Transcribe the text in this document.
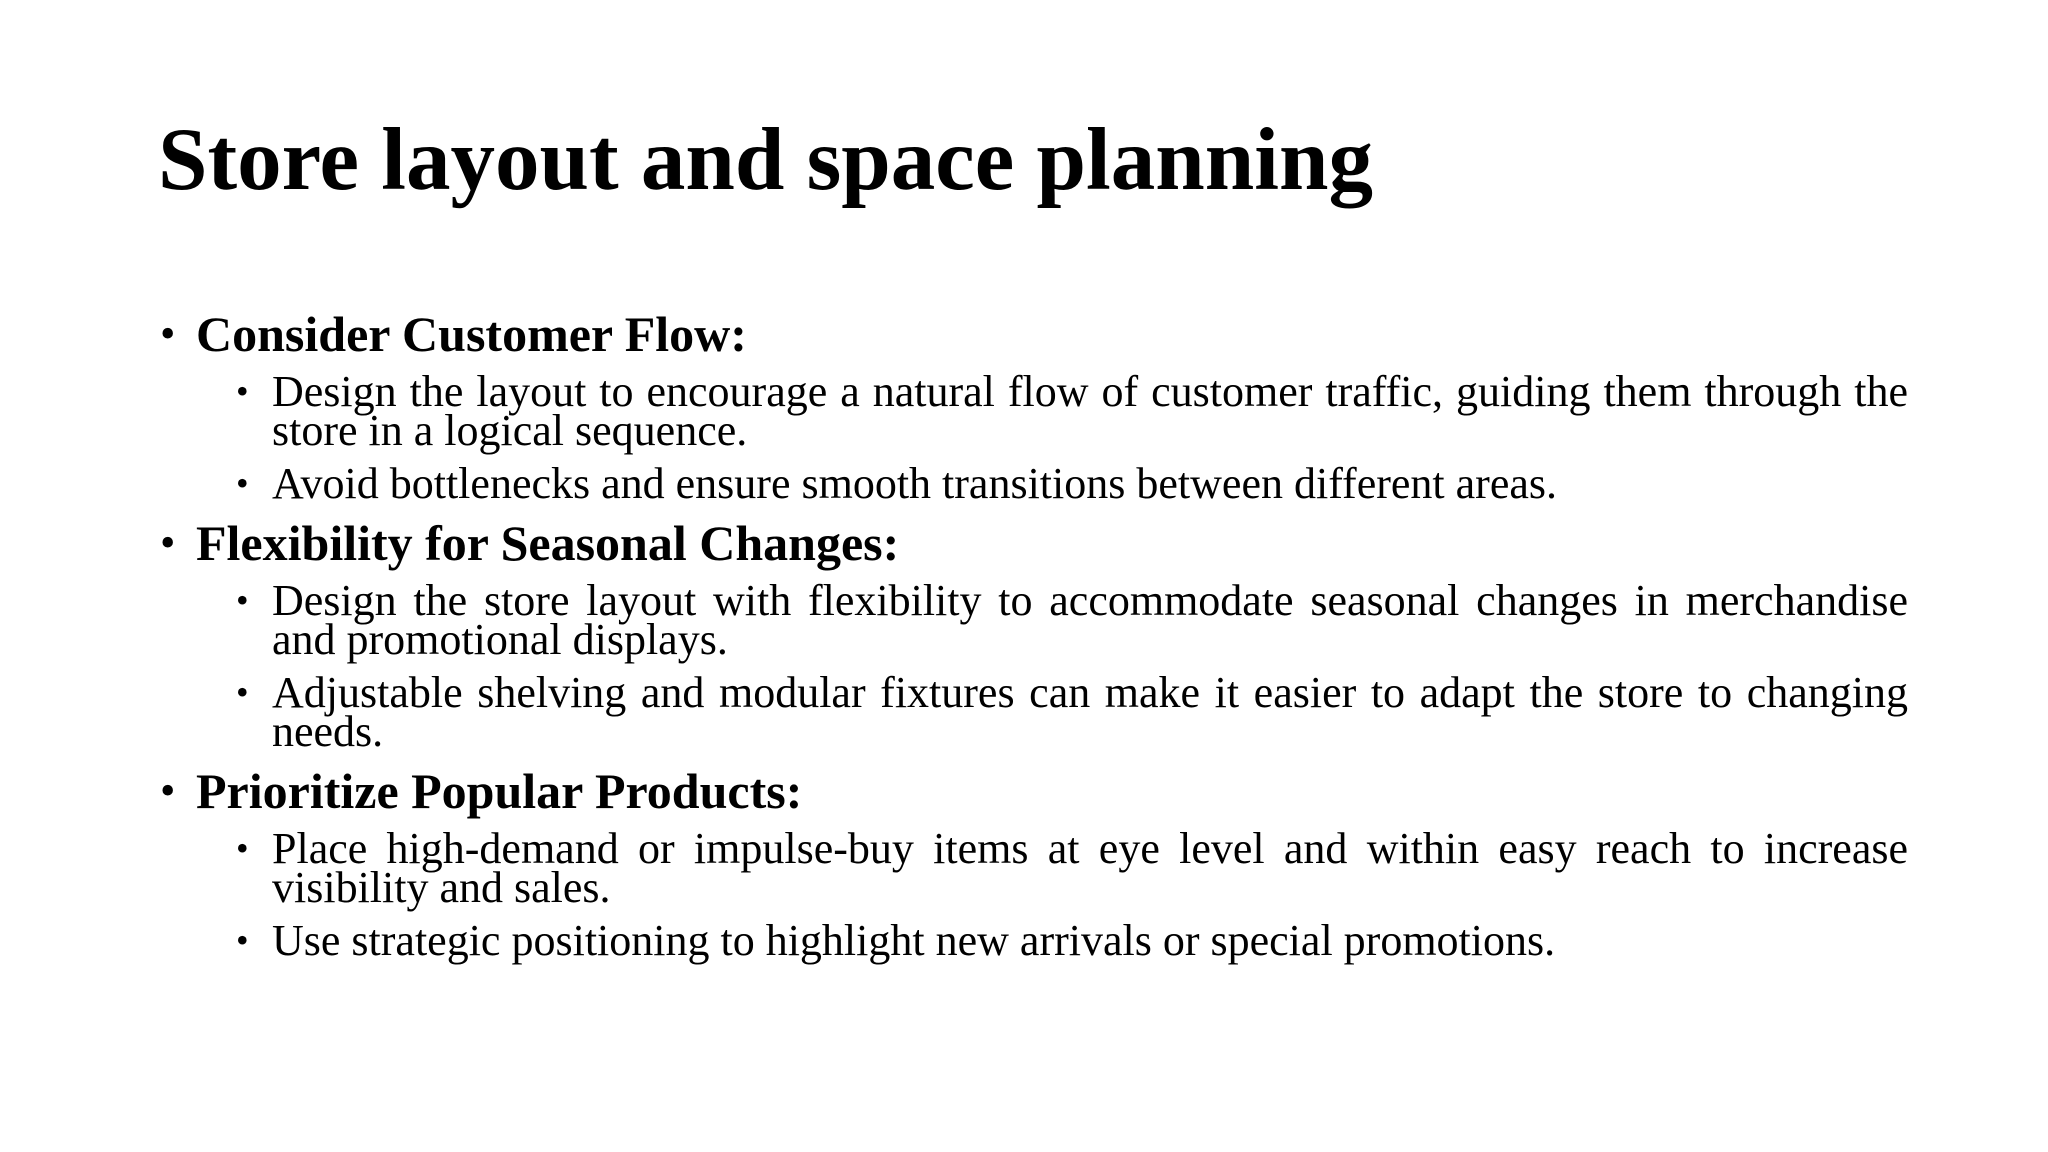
Store layout and space planning
• Consider Customer Flow:
• Design the layout to encourage a natural flow of customer traffic, guiding them through the store in a logical sequence.
• Avoid bottlenecks and ensure smooth transitions between different areas.
• Flexibility for Seasonal Changes:
• Design the store layout with flexibility to accommodate seasonal changes in merchandise and promotional displays.
• Adjustable shelving and modular fixtures can make it easier to adapt the store to changing needs.
• Prioritize Popular Products:
• Place high-demand or impulse-buy items at eye level and within easy reach to increase visibility and sales.
• Use strategic positioning to highlight new arrivals or special promotions.
